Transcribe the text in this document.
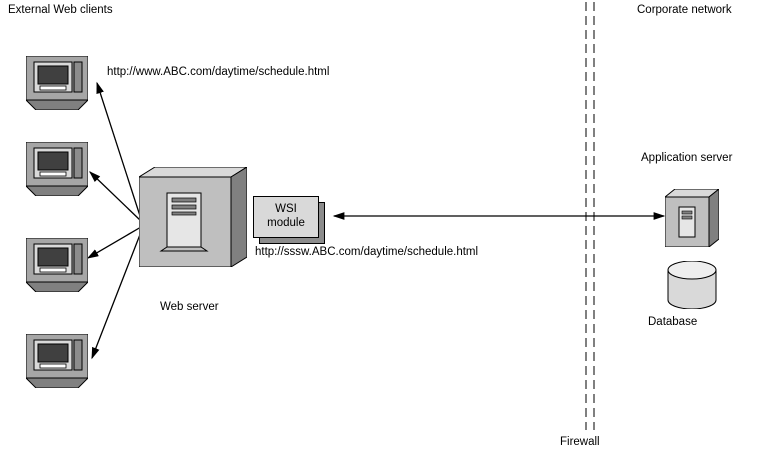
External Web clients	Corporate network
http://www.ABC.com/daytime/schedule.html
http://sssw.ABC.com/daytime/schedule.html
Web server
Application server
Database
Firewall
WSI
module
